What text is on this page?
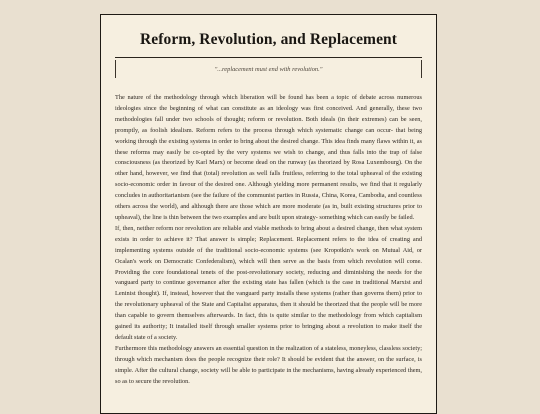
Reform, Revolution, and Replacement
"...replacement must end with revolution."

The nature of the methodology through which liberation will be found has been a topic of debate across numerous ideologies since the beginning of what can constitute as an ideology was first conceived. And generally, these two methodologies fall under two schools of thought; reform or revolution. Both ideals (in their extremes) can be seen, promptly, as foolish idealism. Reform refers to the process through which systematic change can occur- that being working through the existing systems in order to bring about the desired change. This idea finds many flaws within it, as these reforms may easily be co-opted by the very systems we wish to change, and thus falls into the trap of false consciousness (as theorized by Karl Marx) or become dead on the runway (as theorized by Rosa Luxembourg). On the other hand, however, we find that (total) revolution as well falls fruitless, referring to the total upheaval of the existing socio-economic order in favour of the desired one. Although yielding more permanent results, we find that it regularly concludes in authoritarianism (see the failure of the communist parties in Russia, China, Korea, Cambodia, and countless others across the world), and although there are those which are more moderate (as in, built existing structures prior to upheaval), the line is thin between the two examples and are built upon strategy- something which can easily be failed.

If, then, neither reform nor revolution are reliable and viable methods to bring about a desired change, then what system exists in order to achieve it? That answer is simple; Replacement. Replacement refers to the idea of creating and implementing systems outside of the traditional socio-economic systems (see Kropotkin's work on Mutual Aid, or Ocalan's work on Democratic Confederalism), which will then serve as the basis from which revolution will come. Providing the core foundational tenets of the post-revolutionary society, reducing and diminishing the needs for the vanguard party to continue governance after the existing state has fallen (which is the case in traditional Marxist and Leninist thought). If, instead, however that the vanguard party installs these systems (rather than governs them) prior to the revolutionary upheaval of the State and Capitalist apparatus, then it should be theorized that the people will be more than capable to govern themselves afterwards. In fact, this is quite similar to the methodology from which capitalism gained its authority; It installed itself through smaller systems prior to bringing about a revolution to make itself the default state of a society.

Furthermore this methodology answers an essential question in the realization of a stateless, moneyless, classless society; through which mechanism does the people recognize their role? It should be evident that the answer, on the surface, is simple. After the cultural change, society will be able to participate in the mechanisms, having already experienced them, so as to secure the revolution.
